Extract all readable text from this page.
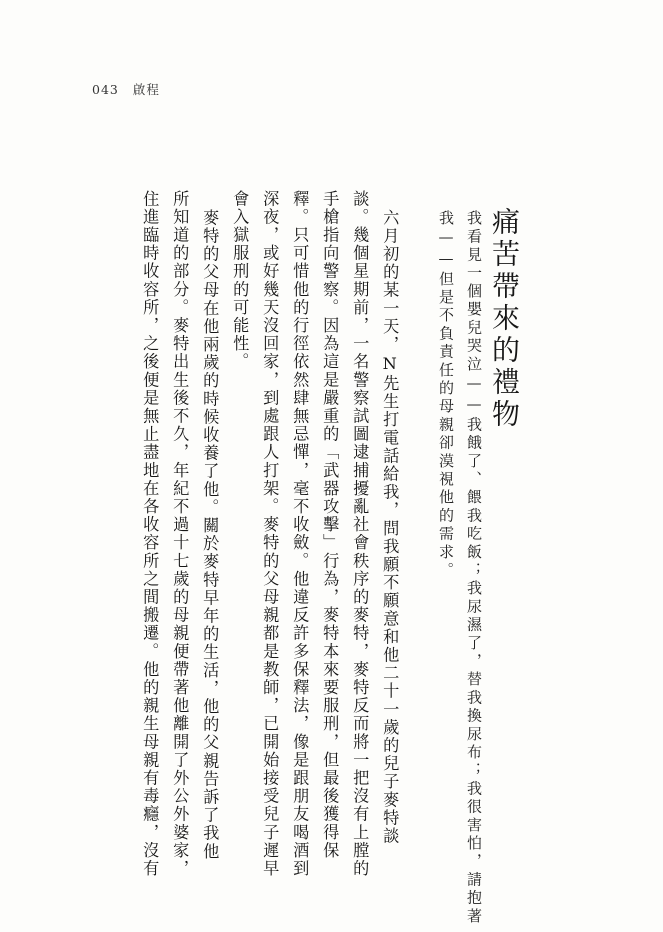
043 啟程
痛苦帶來的禮物
我看見一個嬰兒哭泣——我餓了、餵我吃飯；我尿濕了，替我換尿布；我很害怕，請抱著
我——但是不負責任的母親卻漠視他的需求。
六月初的某一天，N先生打電話給我，問我願不願意和他二十一歲的兒子麥特談
談。幾個星期前，一名警察試圖逮捕擾亂社會秩序的麥特，麥特反而將一把沒有上膛的
手槍指向警察。因為這是嚴重的「武器攻擊」行為，麥特本來要服刑，但最後獲得保
釋。只可惜他的行徑依然肆無忌憚，毫不收斂。他違反許多保釋法，像是跟朋友喝酒到
深夜，或好幾天沒回家，到處跟人打架。麥特的父母親都是教師，已開始接受兒子遲早
會入獄服刑的可能性。
麥特的父母在他兩歲的時候收養了他。關於麥特早年的生活，他的父親告訴了我他
所知道的部分。麥特出生後不久，年紀不過十七歲的母親便帶著他離開了外公外婆家，
住進臨時收容所，之後便是無止盡地在各收容所之間搬遷。他的親生母親有毒癮，沒有
